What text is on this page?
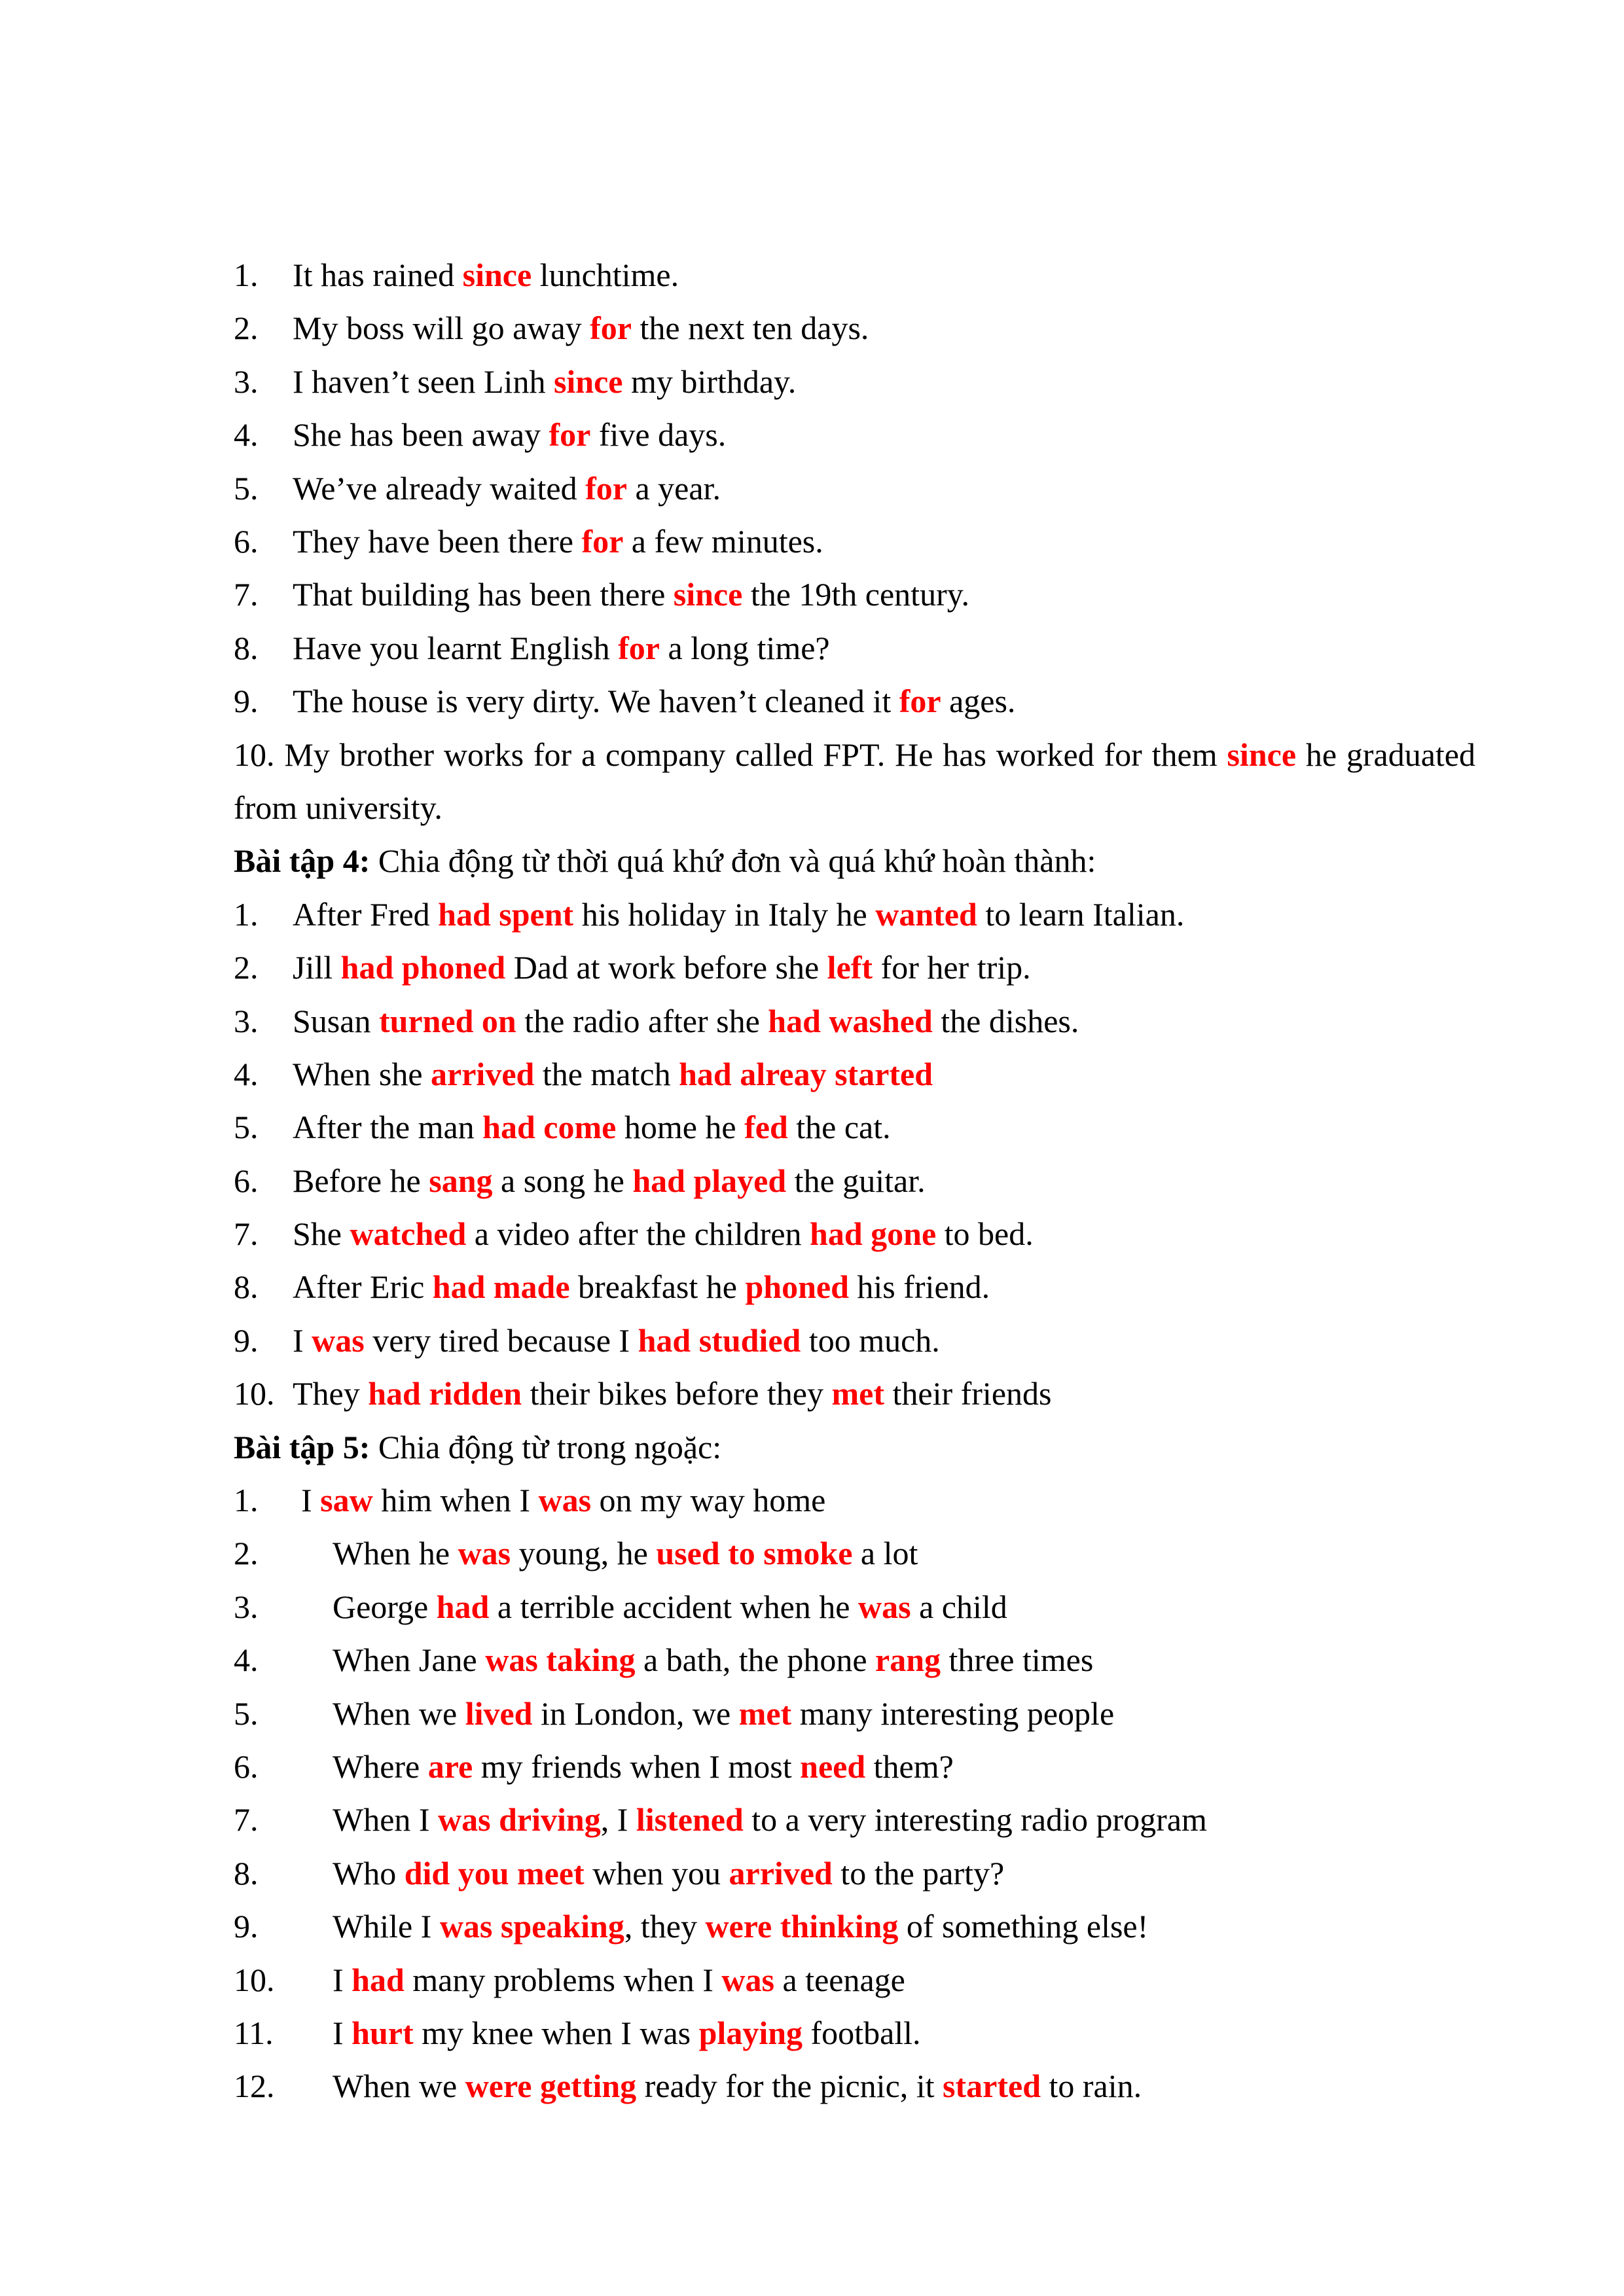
1. It has rained since lunchtime.
2. My boss will go away for the next ten days.
3. I haven’t seen Linh since my birthday.
4. She has been away for five days.
5. We’ve already waited for a year.
6. They have been there for a few minutes.
7. That building has been there since the 19th century.
8. Have you learnt English for a long time?
9. The house is very dirty. We haven’t cleaned it for ages.
10. My brother works for a company called FPT. He has worked for them since he graduated from university.
Bài tập 4: Chia động từ thời quá khứ đơn và quá khứ hoàn thành:
1. After Fred had spent his holiday in Italy he wanted to learn Italian.
2. Jill had phoned Dad at work before she left for her trip.
3. Susan turned on the radio after she had washed the dishes.
4. When she arrived the match had alreay started
5. After the man had come home he fed the cat.
6. Before he sang a song he had played the guitar.
7. She watched a video after the children had gone to bed.
8. After Eric had made breakfast he phoned his friend.
9. I was very tired because I had studied too much.
10. They had ridden their bikes before they met their friends
Bài tập 5: Chia động từ trong ngoặc:
1. I saw him when I was on my way home
2. When he was young, he used to smoke a lot
3. George had a terrible accident when he was a child
4. When Jane was taking a bath, the phone rang three times
5. When we lived in London, we met many interesting people
6. Where are my friends when I most need them?
7. When I was driving, I listened to a very interesting radio program
8. Who did you meet when you arrived to the party?
9. While I was speaking, they were thinking of something else!
10. I had many problems when I was a teenage
11. I hurt my knee when I was playing football.
12. When we were getting ready for the picnic, it started to rain.
